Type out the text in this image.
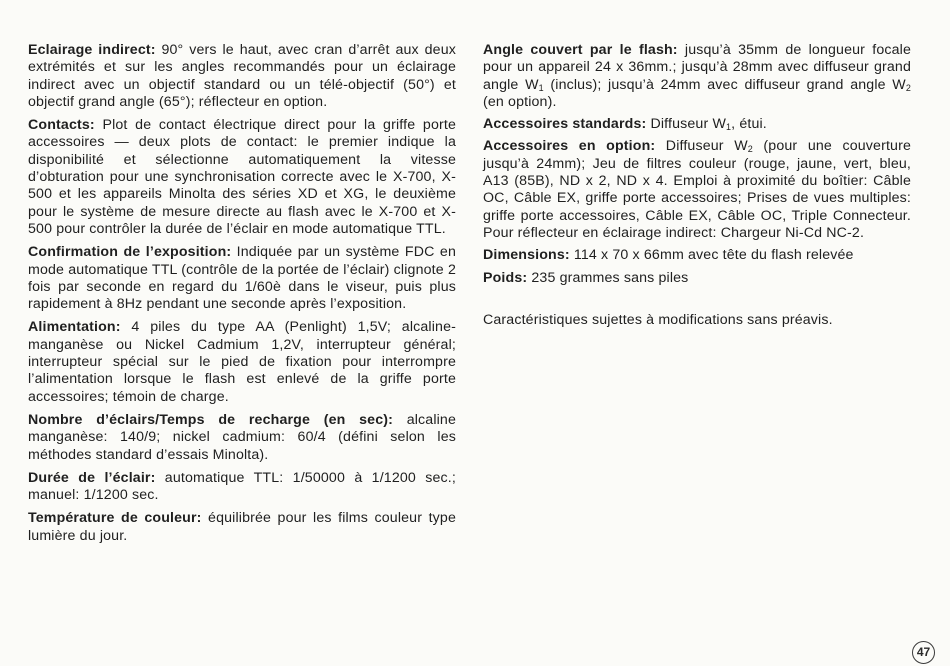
Eclairage indirect: 90° vers le haut, avec cran d’arrêt aux deux extrémités et sur les angles recommandés pour un éclairage indirect avec un objectif standard ou un télé-objectif (50°) et objectif grand angle (65°); réflecteur en option.

Contacts: Plot de contact électrique direct pour la griffe porte accessoires — deux plots de contact: le premier indique la disponibilité et sélectionne automatiquement la vitesse d’obturation pour une synchronisation correcte avec le X-700, X-500 et les appareils Minolta des séries XD et XG, le deuxième pour le système de mesure directe au flash avec le X-700 et X-500 pour contrôler la durée de l’éclair en mode automatique TTL.

Confirmation de l’exposition: Indiquée par un système FDC en mode automatique TTL (contrôle de la portée de l’éclair) clignote 2 fois par seconde en regard du 1/60è dans le viseur, puis plus rapidement à 8Hz pendant une seconde après l’exposition.

Alimentation: 4 piles du type AA (Penlight) 1,5V; alcaline-manganèse ou Nickel Cadmium 1,2V, interrupteur général; interrupteur spécial sur le pied de fixation pour interrompre l’alimentation lorsque le flash est enlevé de la griffe porte accessoires; témoin de charge.

Nombre d’éclairs/Temps de recharge (en sec): alcaline manganèse: 140/9; nickel cadmium: 60/4 (défini selon les méthodes standard d’essais Minolta).

Durée de l’éclair: automatique TTL: 1/50000 à 1/1200 sec.; manuel: 1/1200 sec.

Température de couleur: équilibrée pour les films couleur type lumière du jour.

Angle couvert par le flash: jusqu’à 35mm de longueur focale pour un appareil 24 x 36mm.; jusqu’à 28mm avec diffuseur grand angle $W_1$ (inclus); jusqu’à 24mm avec diffuseur grand angle $W_2$ (en option).

Accessoires standards: Diffuseur $W_1$, étui.

Accessoires en option: Diffuseur $W_2$ (pour une couverture jusqu’à 24mm); Jeu de filtres couleur (rouge, jaune, vert, bleu, A13 (85B), ND x 2, ND x 4. Emploi à proximité du boîtier: Câble OC, Câble EX, griffe porte accessoires; Prises de vues multiples: griffe porte accessoires, Câble EX, Câble OC, Triple Connecteur. Pour réflecteur en éclairage indirect: Chargeur Ni-Cd NC-2.

Dimensions: 114 x 70 x 66mm avec tête du flash relevée

Poids: 235 grammes sans piles

Caractéristiques sujettes à modifications sans préavis.

47
